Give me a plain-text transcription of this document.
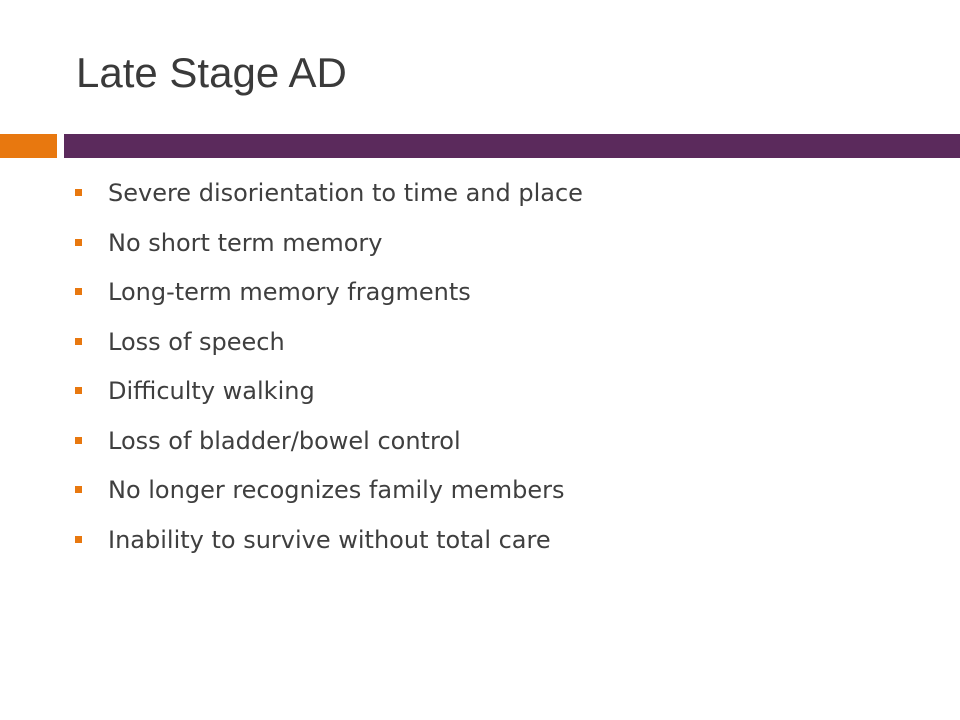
Late Stage AD
Severe disorientation to time and place
No short term memory
Long-term memory fragments
Loss of speech
Difficulty walking
Loss of bladder/bowel control
No longer recognizes family members
Inability to survive without total care
